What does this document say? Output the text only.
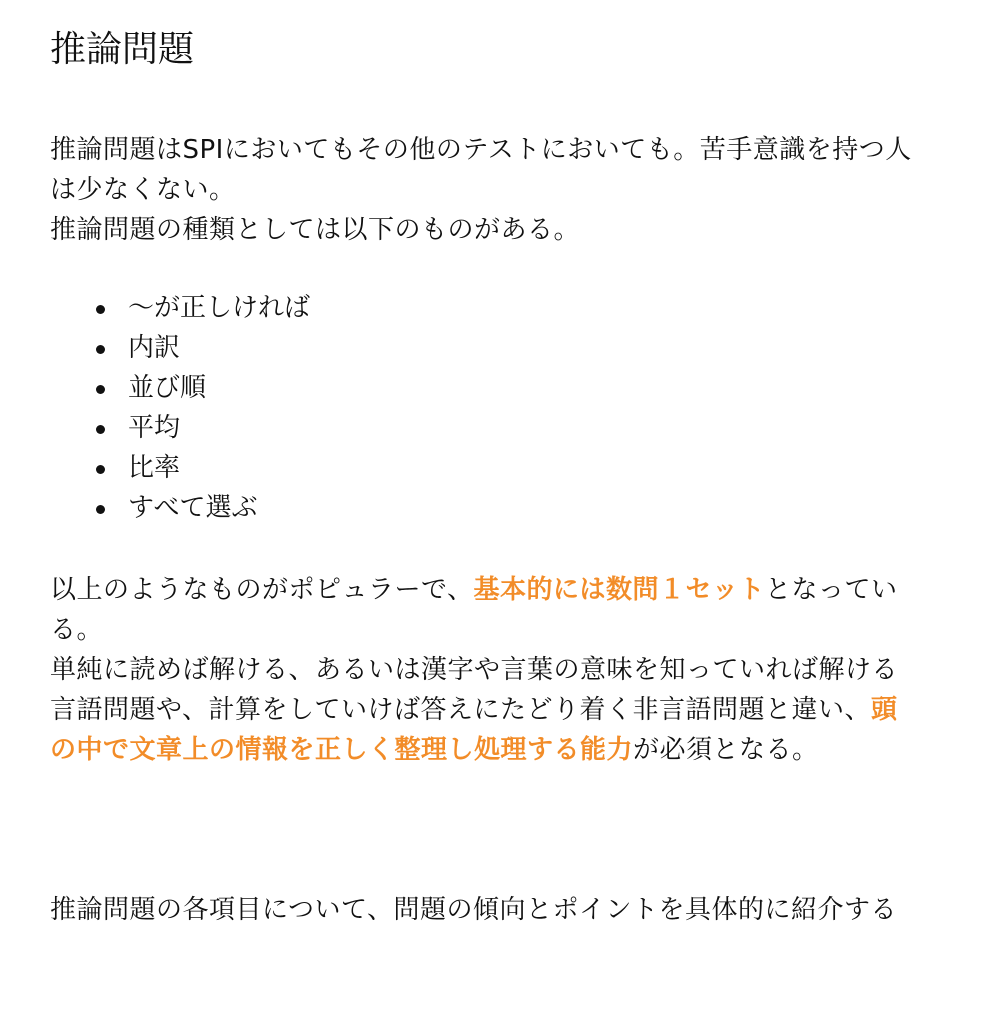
推論問題

推論問題はSPIにおいてもその他のテストにおいても。苦手意識を持つ人は少なくない。
推論問題の種類としては以下のものがある。

〜が正しければ
内訳
並び順
平均
比率
すべて選ぶ

以上のようなものがポピュラーで、基本的には数問１セットとなっている。
単純に読めば解ける、あるいは漢字や言葉の意味を知っていれば解ける言語問題や、計算をしていけば答えにたどり着く非言語問題と違い、頭の中で文章上の情報を正しく整理し処理する能力が必須となる。

推論問題の各項目について、問題の傾向とポイントを具体的に紹介する
